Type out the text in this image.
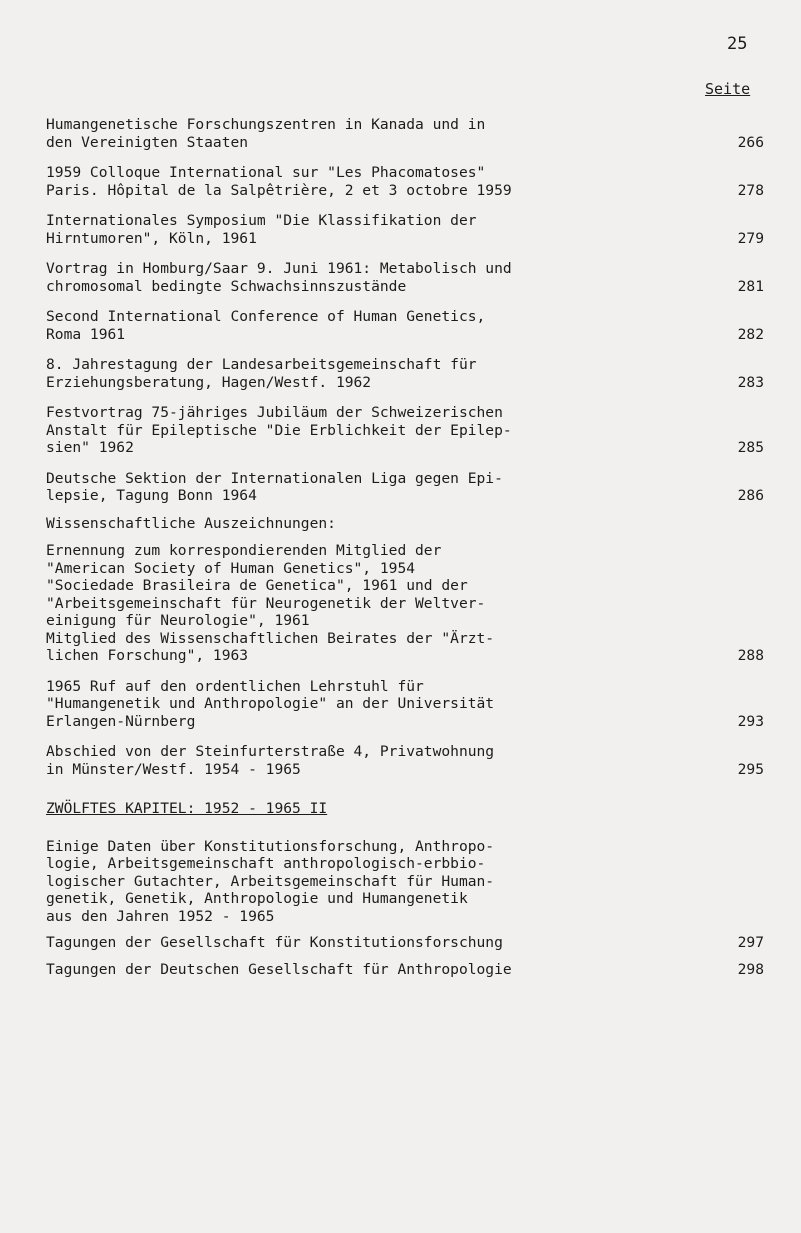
25
Seite
Humangenetische Forschungszentren in Kanada und in
den Vereinigten Staaten	266
1959 Colloque International sur "Les Phacomatoses"
Paris. Hôpital de la Salpêtrière, 2 et 3 octobre 1959	278
Internationales Symposium "Die Klassifikation der
Hirntumoren", Köln, 1961	279
Vortrag in Homburg/Saar 9. Juni 1961: Metabolisch und
chromosomal bedingte Schwachsinnszustände	281
Second International Conference of Human Genetics,
Roma 1961	282
8. Jahrestagung der Landesarbeitsgemeinschaft für
Erziehungsberatung, Hagen/Westf. 1962	283
Festvortrag 75-jähriges Jubiläum der Schweizerischen
Anstalt für Epileptische "Die Erblichkeit der Epilep-
sien" 1962	285
Deutsche Sektion der Internationalen Liga gegen Epi-
lepsie, Tagung Bonn 1964	286
Wissenschaftliche Auszeichnungen:
Ernennung zum korrespondierenden Mitglied der
"American Society of Human Genetics", 1954
"Sociedade Brasileira de Genetica", 1961 und der
"Arbeitsgemeinschaft für Neurogenetik der Weltver-
einigung für Neurologie", 1961
Mitglied des Wissenschaftlichen Beirates der "Ärzt-
lichen Forschung", 1963	288
1965 Ruf auf den ordentlichen Lehrstuhl für
"Humangenetik und Anthropologie" an der Universität
Erlangen-Nürnberg	293
Abschied von der Steinfurterstraße 4, Privatwohnung
in Münster/Westf. 1954 - 1965	295
ZWÖLFTES KAPITEL: 1952 - 1965 II
Einige Daten über Konstitutionsforschung, Anthropo-
logie, Arbeitsgemeinschaft anthropologisch-erbbio-
logischer Gutachter, Arbeitsgemeinschaft für Human-
genetik, Genetik, Anthropologie und Humangenetik
aus den Jahren 1952 - 1965
Tagungen der Gesellschaft für Konstitutionsforschung	297
Tagungen der Deutschen Gesellschaft für Anthropologie	298
